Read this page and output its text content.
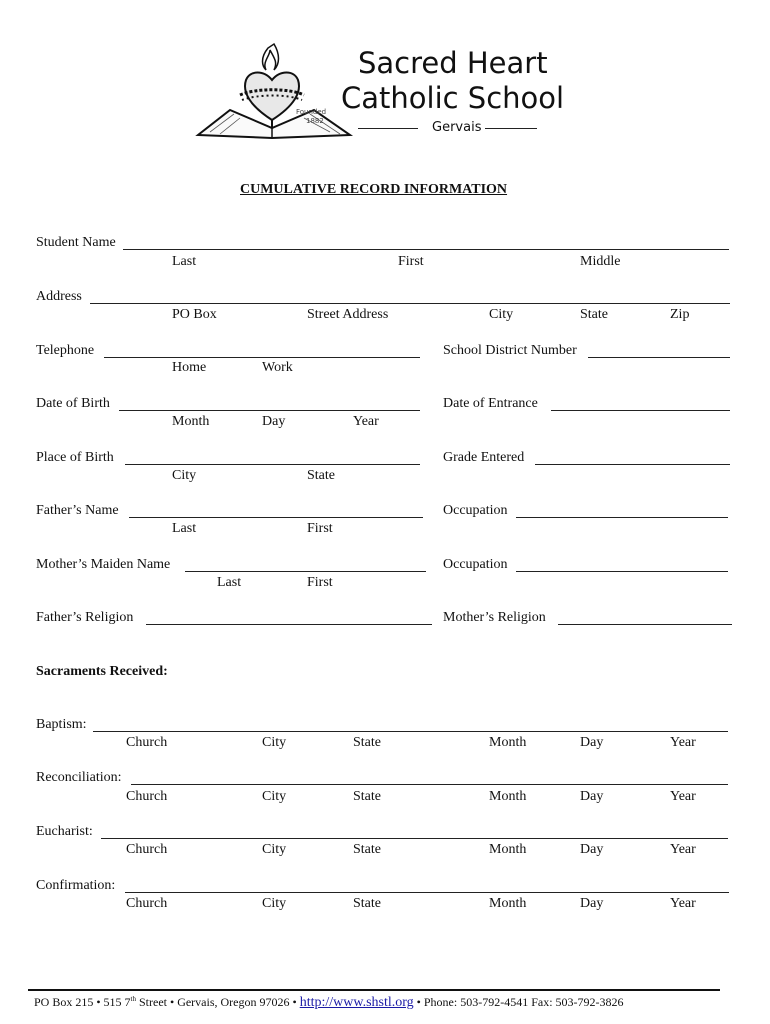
Founded
1882
Sacred Heart
Catholic School
Gervais
CUMULATIVE RECORD INFORMATION
Student Name
Last	First	Middle
Address
PO Box	Street Address	City	State	Zip
Telephone
Home	Work
School District Number
Date of Birth
Month	Day	Year
Date of Entrance
Place of Birth
City	State
Grade Entered
Father’s Name
Last	First
Occupation
Mother’s Maiden Name
Last	First
Occupation
Father’s Religion	Mother’s Religion
Sacraments Received:
Baptism:
Church	City	State	Month	Day	Year
Reconciliation:
Church	City	State	Month	Day	Year
Eucharist:
Church	City	State	Month	Day	Year
Confirmation:
Church	City	State	Month	Day	Year
PO Box 215 • 515 7th Street • Gervais, Oregon 97026 • http://www.shstl.org • Phone: 503-792-4541 Fax: 503-792-3826
